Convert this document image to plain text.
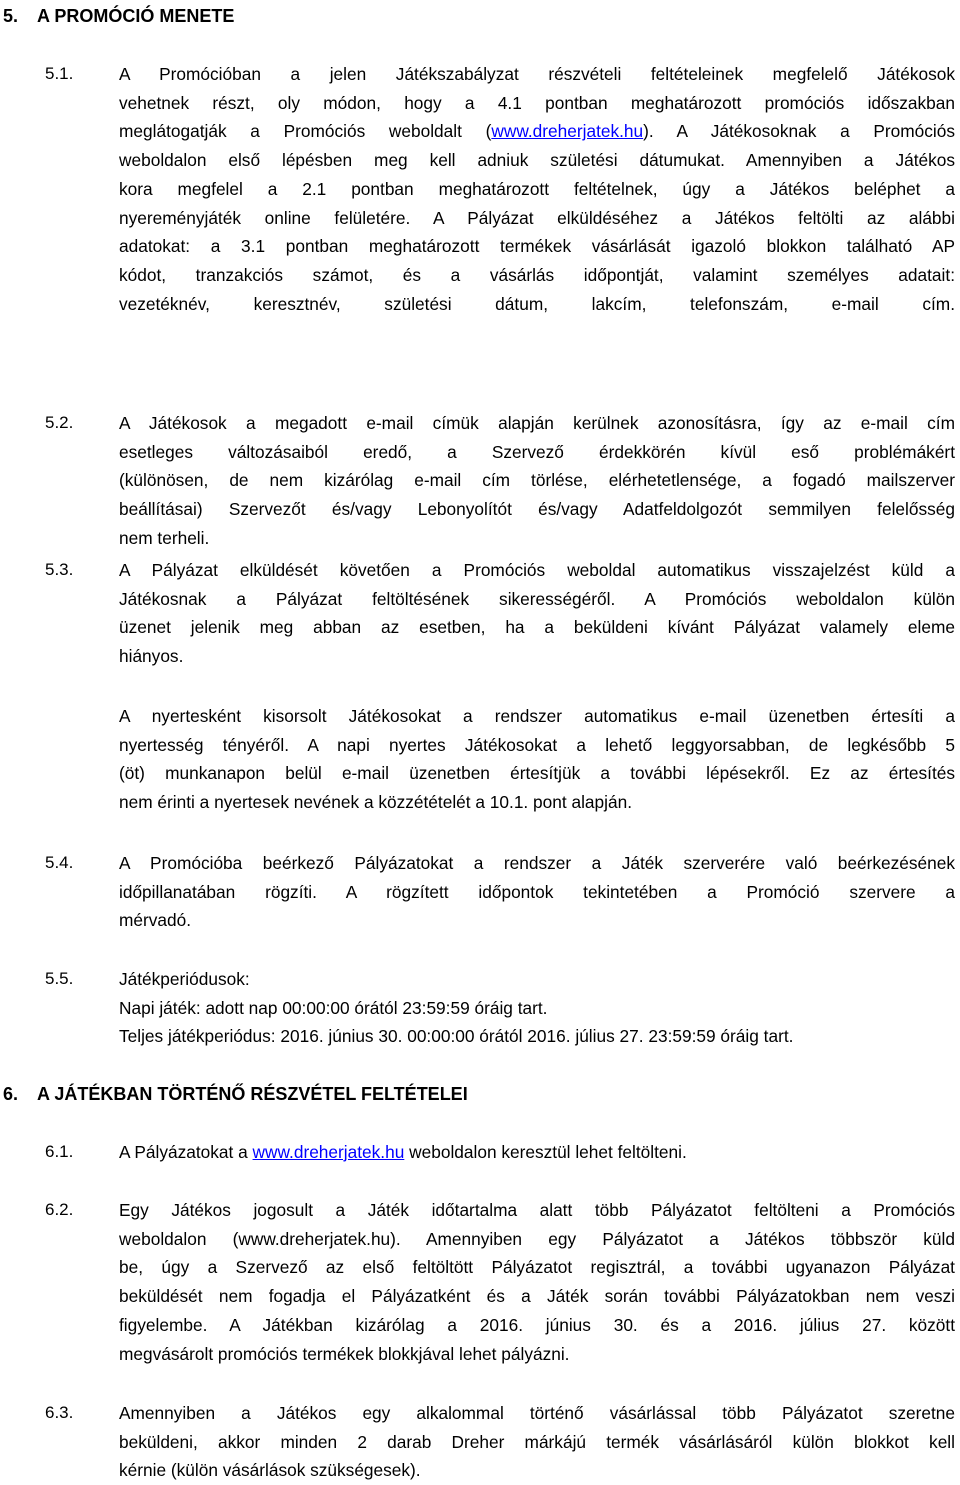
5. A PROMÓCIÓ MENETE
5.1.	A Promócióban a jelen Játékszabályzat részvételi feltételeinek megfelelő Játékosok
vehetnek részt, oly módon, hogy a 4.1 pontban meghatározott promóciós időszakban
meglátogatják a Promóciós weboldalt (www.dreherjatek.hu). A Játékosoknak a Promóciós
weboldalon első lépésben meg kell adniuk születési dátumukat. Amennyiben a Játékos
kora megfelel a 2.1 pontban meghatározott feltételnek, úgy a Játékos beléphet a
nyereményjáték online felületére. A Pályázat elküldéséhez a Játékos feltölti az alábbi
adatokat: a 3.1 pontban meghatározott termékek vásárlását igazoló blokkon található AP
kódot, tranzakciós számot, és a vásárlás időpontját, valamint személyes adatait:
vezetéknév, keresztnév, születési dátum, lakcím, telefonszám, e-mail cím.
5.2.	A Játékosok a megadott e-mail címük alapján kerülnek azonosításra, így az e-mail cím
esetleges változásaiból eredő, a Szervező érdekkörén kívül eső problémákért
(különösen, de nem kizárólag e-mail cím törlése, elérhetetlensége, a fogadó mailszerver
beállításai) Szervezőt és/vagy Lebonyolítót és/vagy Adatfeldolgozót semmilyen felelősség
nem terheli.
5.3.	A Pályázat elküldését követően a Promóciós weboldal automatikus visszajelzést küld a
Játékosnak a Pályázat feltöltésének sikerességéről. A Promóciós weboldalon külön
üzenet jelenik meg abban az esetben, ha a beküldeni kívánt Pályázat valamely eleme
hiányos.
A nyertesként kisorsolt Játékosokat a rendszer automatikus e-mail üzenetben értesíti a
nyertesség tényéről. A napi nyertes Játékosokat a lehető leggyorsabban, de legkésőbb 5
(öt) munkanapon belül e-mail üzenetben értesítjük a további lépésekről. Ez az értesítés
nem érinti a nyertesek nevének a közzétételét a 10.1. pont alapján.
5.4.	A Promócióba beérkező Pályázatokat a rendszer a Játék szerverére való beérkezésének
időpillanatában rögzíti. A rögzített időpontok tekintetében a Promóció szervere a
mérvadó.
5.5.	Játékperiódusok:
Napi játék: adott nap 00:00:00 órától 23:59:59 óráig tart.
Teljes játékperiódus: 2016. június 30. 00:00:00 órától 2016. július 27. 23:59:59 óráig tart.
6. A JÁTÉKBAN TÖRTÉNŐ RÉSZVÉTEL FELTÉTELEI
6.1.	A Pályázatokat a www.dreherjatek.hu weboldalon keresztül lehet feltölteni.
6.2.	Egy Játékos jogosult a Játék időtartalma alatt több Pályázatot feltölteni a Promóciós
weboldalon (www.dreherjatek.hu). Amennyiben egy Pályázatot a Játékos többször küld
be, úgy a Szervező az első feltöltött Pályázatot regisztrál, a további ugyanazon Pályázat
beküldését nem fogadja el Pályázatként és a Játék során további Pályázatokban nem veszi
figyelembe. A Játékban kizárólag a 2016. június 30. és a 2016. július 27. között
megvásárolt promóciós termékek blokkjával lehet pályázni.
6.3.	Amennyiben a Játékos egy alkalommal történő vásárlással több Pályázatot szeretne
beküldeni, akkor minden 2 darab Dreher márkájú termék vásárlásáról külön blokkot kell
kérnie (külön vásárlások szükségesek).
